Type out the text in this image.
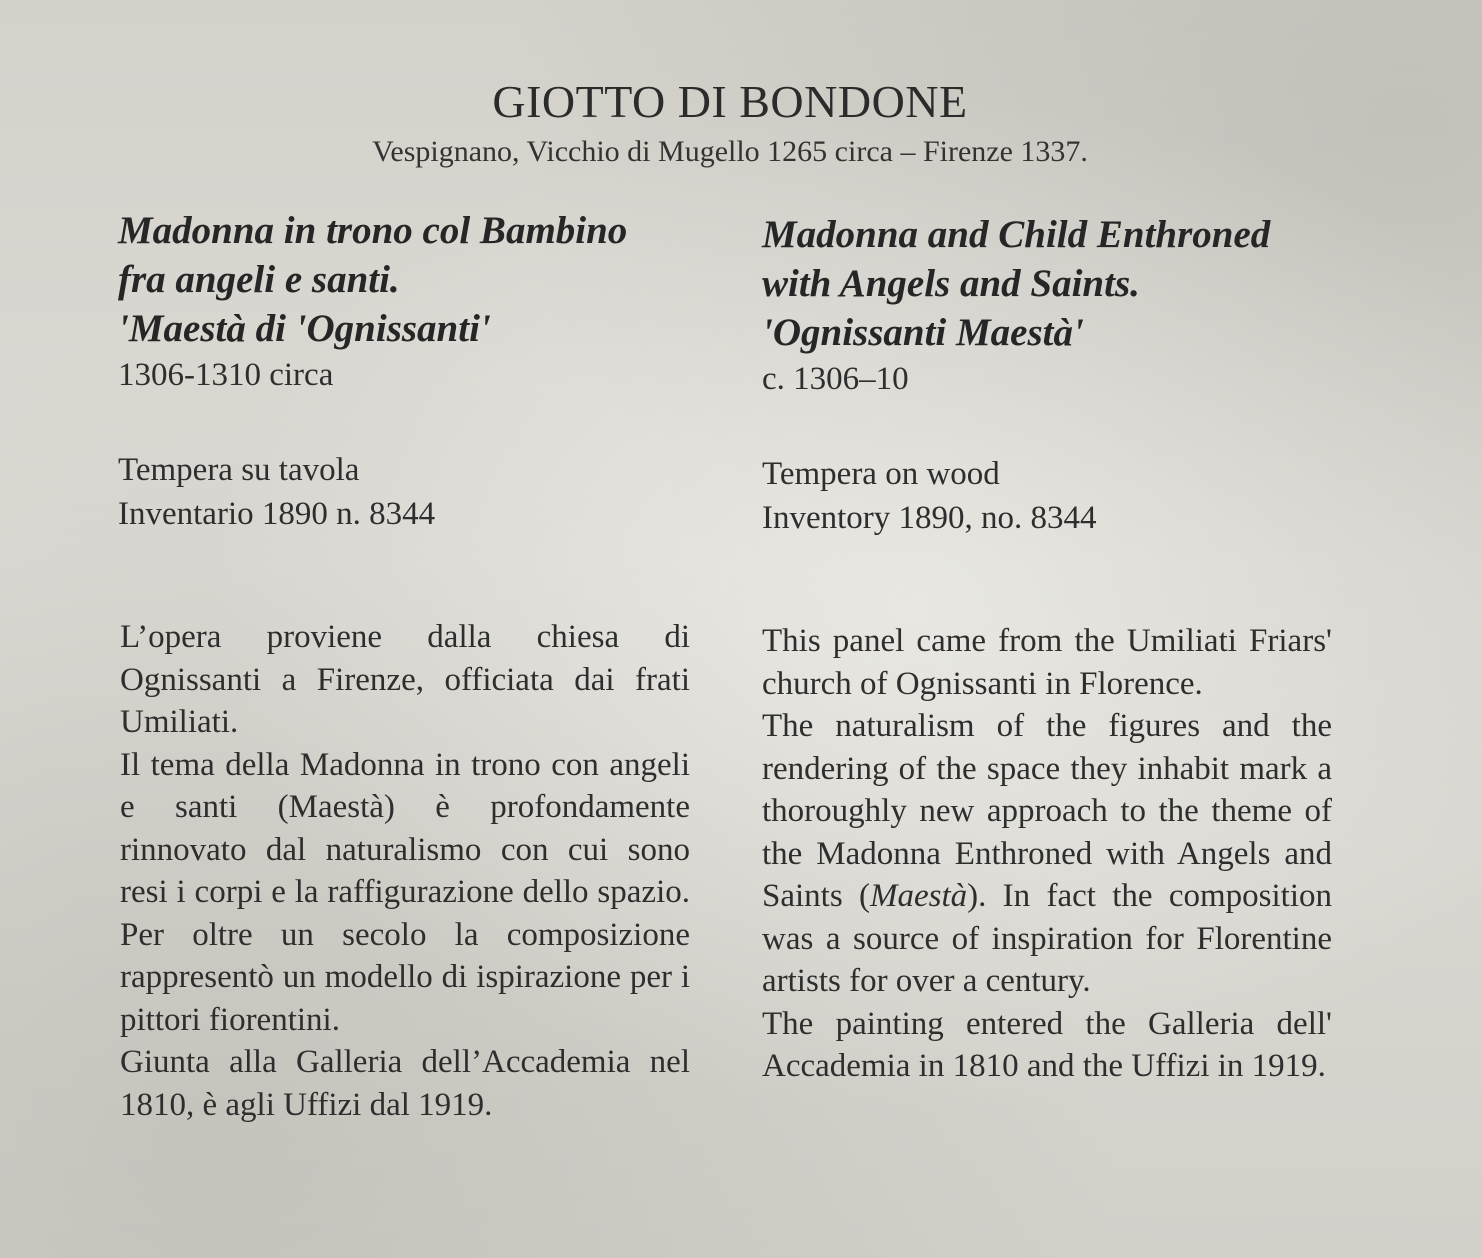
GIOTTO DI BONDONE
Vespignano, Vicchio di Mugello 1265 circa – Firenze 1337.
Madonna in trono col Bambino
fra angeli e santi.
'Maestà di 'Ognissanti'
1306-1310 circa
Tempera su tavola
Inventario 1890 n. 8344
Madonna and Child Enthroned
with Angels and Saints.
'Ognissanti Maestà'
c. 1306–10
Tempera on wood
Inventory 1890, no. 8344

L’opera proviene dalla chiesa di Ognissanti a Firenze, officiata dai frati Umiliati.

Il tema della Madonna in trono con angeli e santi (Maestà) è profondamente rinnovato dal naturalismo con cui sono resi i corpi e la raffigurazione dello spazio. Per oltre un secolo la composizione rappresentò un modello di ispirazione per i pittori fiorentini.

Giunta alla Galleria dell’Accademia nel 1810, è agli Uffizi dal 1919.

This panel came from the Umiliati Friars' church of Ognissanti in Florence.

The naturalism of the figures and the rendering of the space they inhabit mark a thoroughly new approach to the theme of the Madonna Enthroned with Angels and Saints (Maestà). In fact the composition was a source of inspiration for Florentine artists for over a century.

The painting entered the Galleria dell' Accademia in 1810 and the Uffizi in 1919.
